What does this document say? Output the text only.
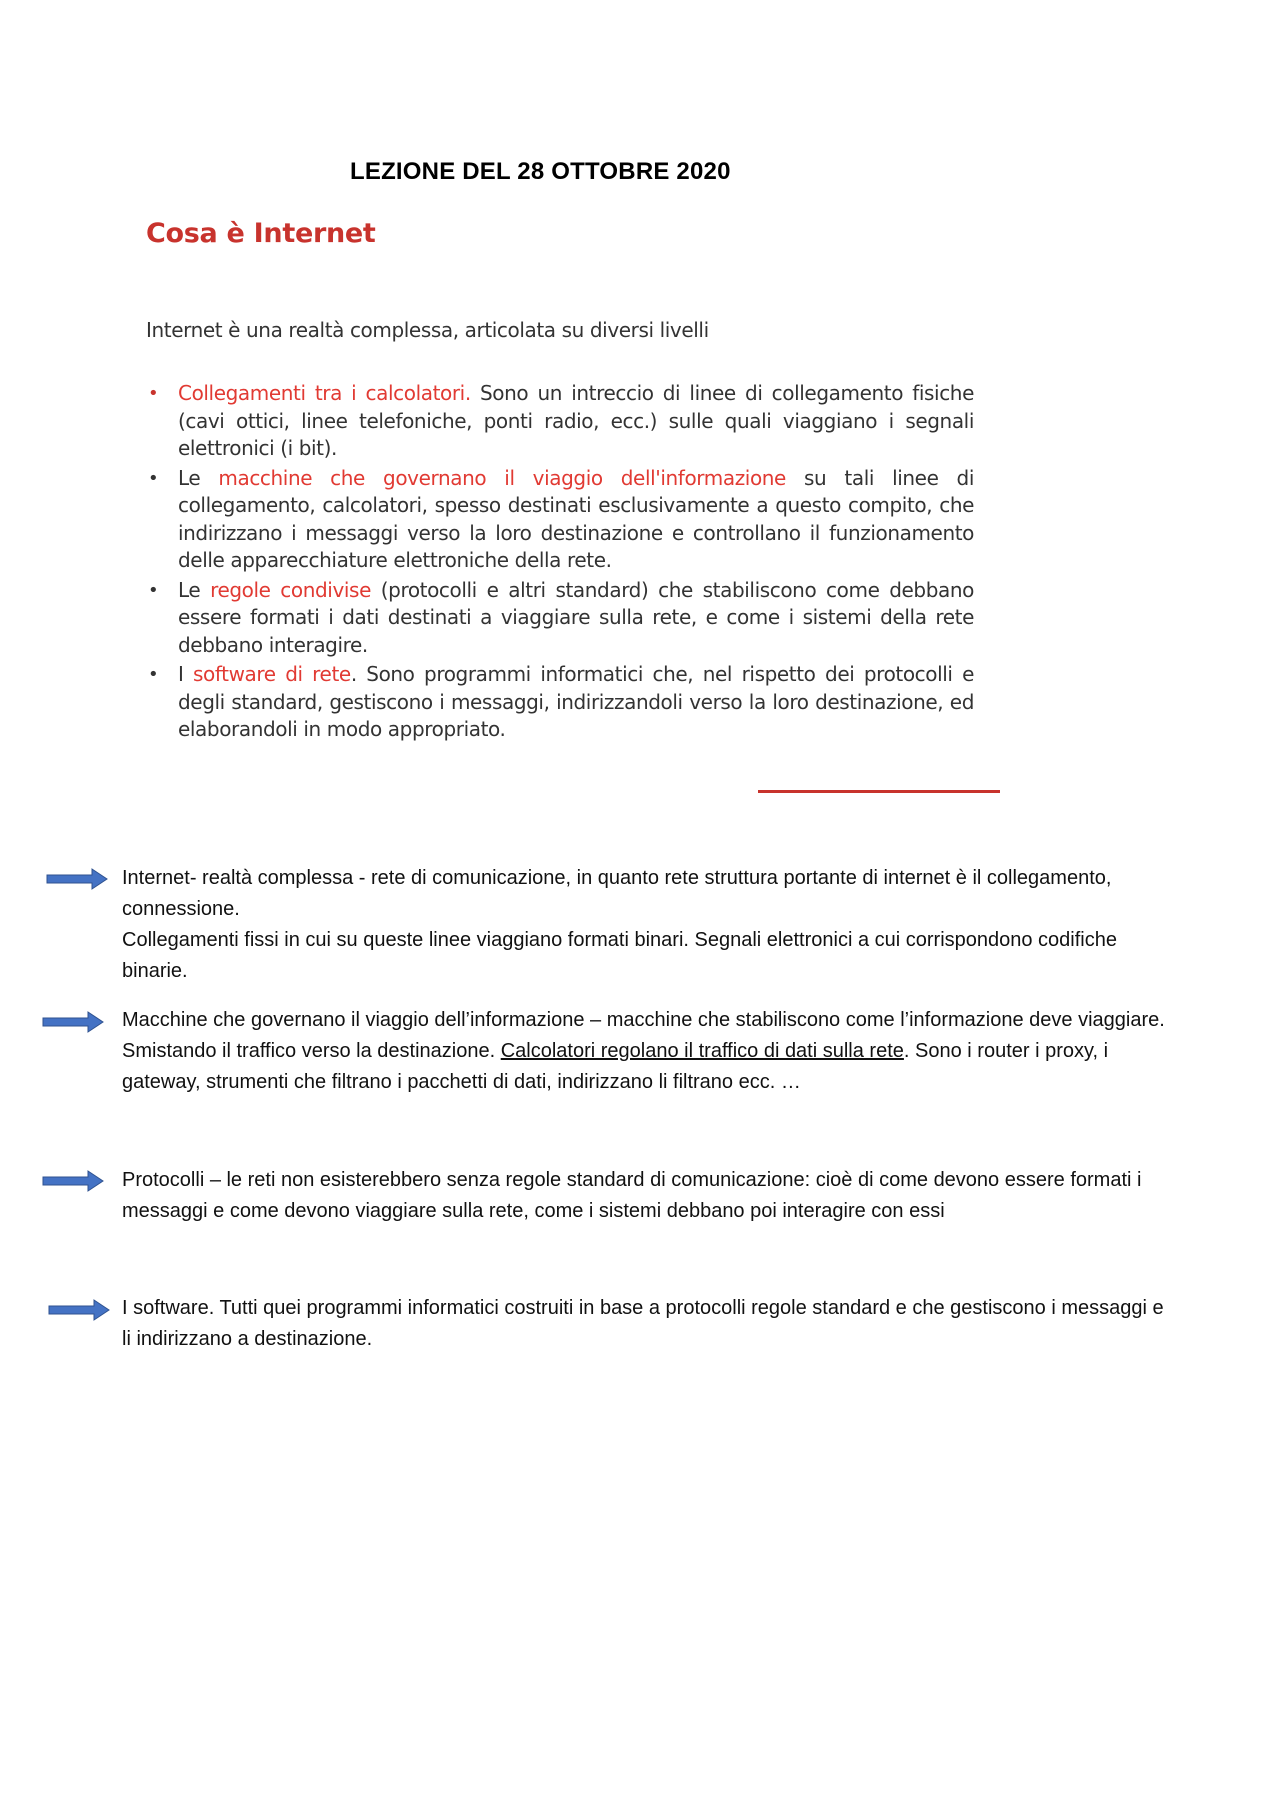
LEZIONE DEL 28 OTTOBRE 2020
Cosa è Internet
Internet è una realtà complessa, articolata su diversi livelli
• Collegamenti tra i calcolatori. Sono un intreccio di linee di collegamento fisiche (cavi ottici, linee telefoniche, ponti radio, ecc.) sulle quali viaggiano i segnali elettronici (i bit).
• Le macchine che governano il viaggio dell'informazione su tali linee di collegamento, calcolatori, spesso destinati esclusivamente a questo compito, che indirizzano i messaggi verso la loro destinazione e controllano il funzionamento delle apparecchiature elettroniche della rete.
• Le regole condivise (protocolli e altri standard) che stabiliscono come debbano essere formati i dati destinati a viaggiare sulla rete, e come i sistemi della rete debbano interagire.
• I software di rete. Sono programmi informatici che, nel rispetto dei protocolli e degli standard, gestiscono i messaggi, indirizzandoli verso la loro destinazione, ed elaborandoli in modo appropriato.

Internet- realtà complessa - rete di comunicazione, in quanto rete struttura portante di internet è il collegamento, connessione.

Collegamenti fissi in cui su queste linee viaggiano formati binari. Segnali elettronici a cui corrispondono codifiche binarie.

Macchine che governano il viaggio dell’informazione – macchine che stabiliscono come l’informazione deve viaggiare. Smistando il traffico verso la destinazione. Calcolatori regolano il traffico di dati sulla rete. Sono i router i proxy, i gateway, strumenti che filtrano i pacchetti di dati, indirizzano li filtrano ecc. …

Protocolli – le reti non esisterebbero senza regole standard di comunicazione: cioè di come devono essere formati i messaggi e come devono viaggiare sulla rete, come i sistemi debbano poi interagire con essi

I software. Tutti quei programmi informatici costruiti in base a protocolli regole standard e che gestiscono i messaggi e li indirizzano a destinazione.
